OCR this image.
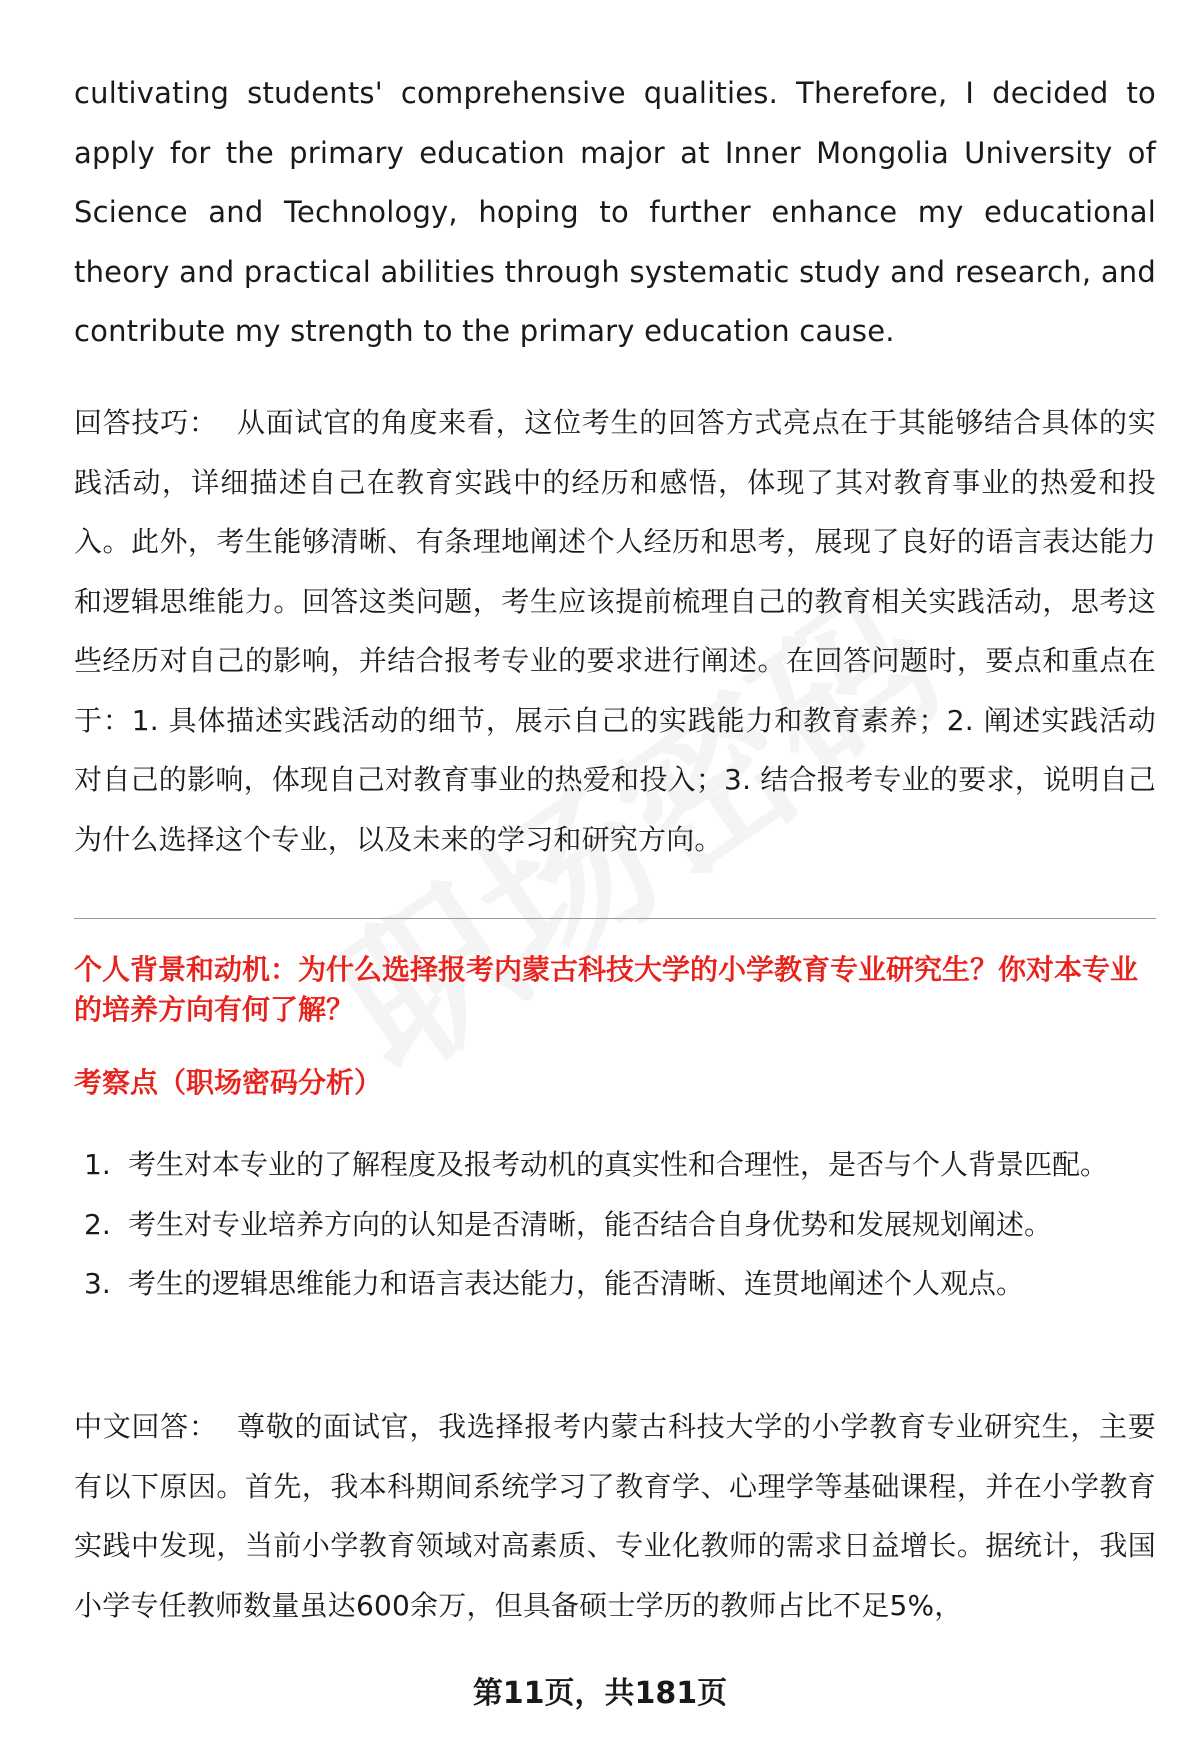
cultivating students' comprehensive qualities. Therefore, I decided to apply for the primary education major at Inner Mongolia University of Science and Technology, hoping to further enhance my educational theory and practical abilities through systematic study and research, and contribute my strength to the primary education cause.

回答技巧： 从面试官的角度来看，这位考生的回答方式亮点在于其能够结合具体的实践活动，详细描述自己在教育实践中的经历和感悟，体现了其对教育事业的热爱和投入。此外，考生能够清晰、有条理地阐述个人经历和思考，展现了良好的语言表达能力和逻辑思维能力。回答这类问题，考生应该提前梳理自己的教育相关实践活动，思考这些经历对自己的影响，并结合报考专业的要求进行阐述。在回答问题时，要点和重点在于：1. 具体描述实践活动的细节，展示自己的实践能力和教育素养；2. 阐述实践活动对自己的影响，体现自己对教育事业的热爱和投入；3. 结合报考专业的要求，说明自己为什么选择这个专业，以及未来的学习和研究方向。

个人背景和动机：为什么选择报考内蒙古科技大学的小学教育专业研究生？你对本专业的培养方向有何了解？

考察点（职场密码分析）

1. 考生对本专业的了解程度及报考动机的真实性和合理性，是否与个人背景匹配。
2. 考生对专业培养方向的认知是否清晰，能否结合自身优势和发展规划阐述。
3. 考生的逻辑思维能力和语言表达能力，能否清晰、连贯地阐述个人观点。

中文回答： 尊敬的面试官，我选择报考内蒙古科技大学的小学教育专业研究生，主要有以下原因。首先，我本科期间系统学习了教育学、心理学等基础课程，并在小学教育实践中发现，当前小学教育领域对高素质、专业化教师的需求日益增长。据统计，我国小学专任教师数量虽达600余万，但具备硕士学历的教师占比不足5%，

第11页，共181页
